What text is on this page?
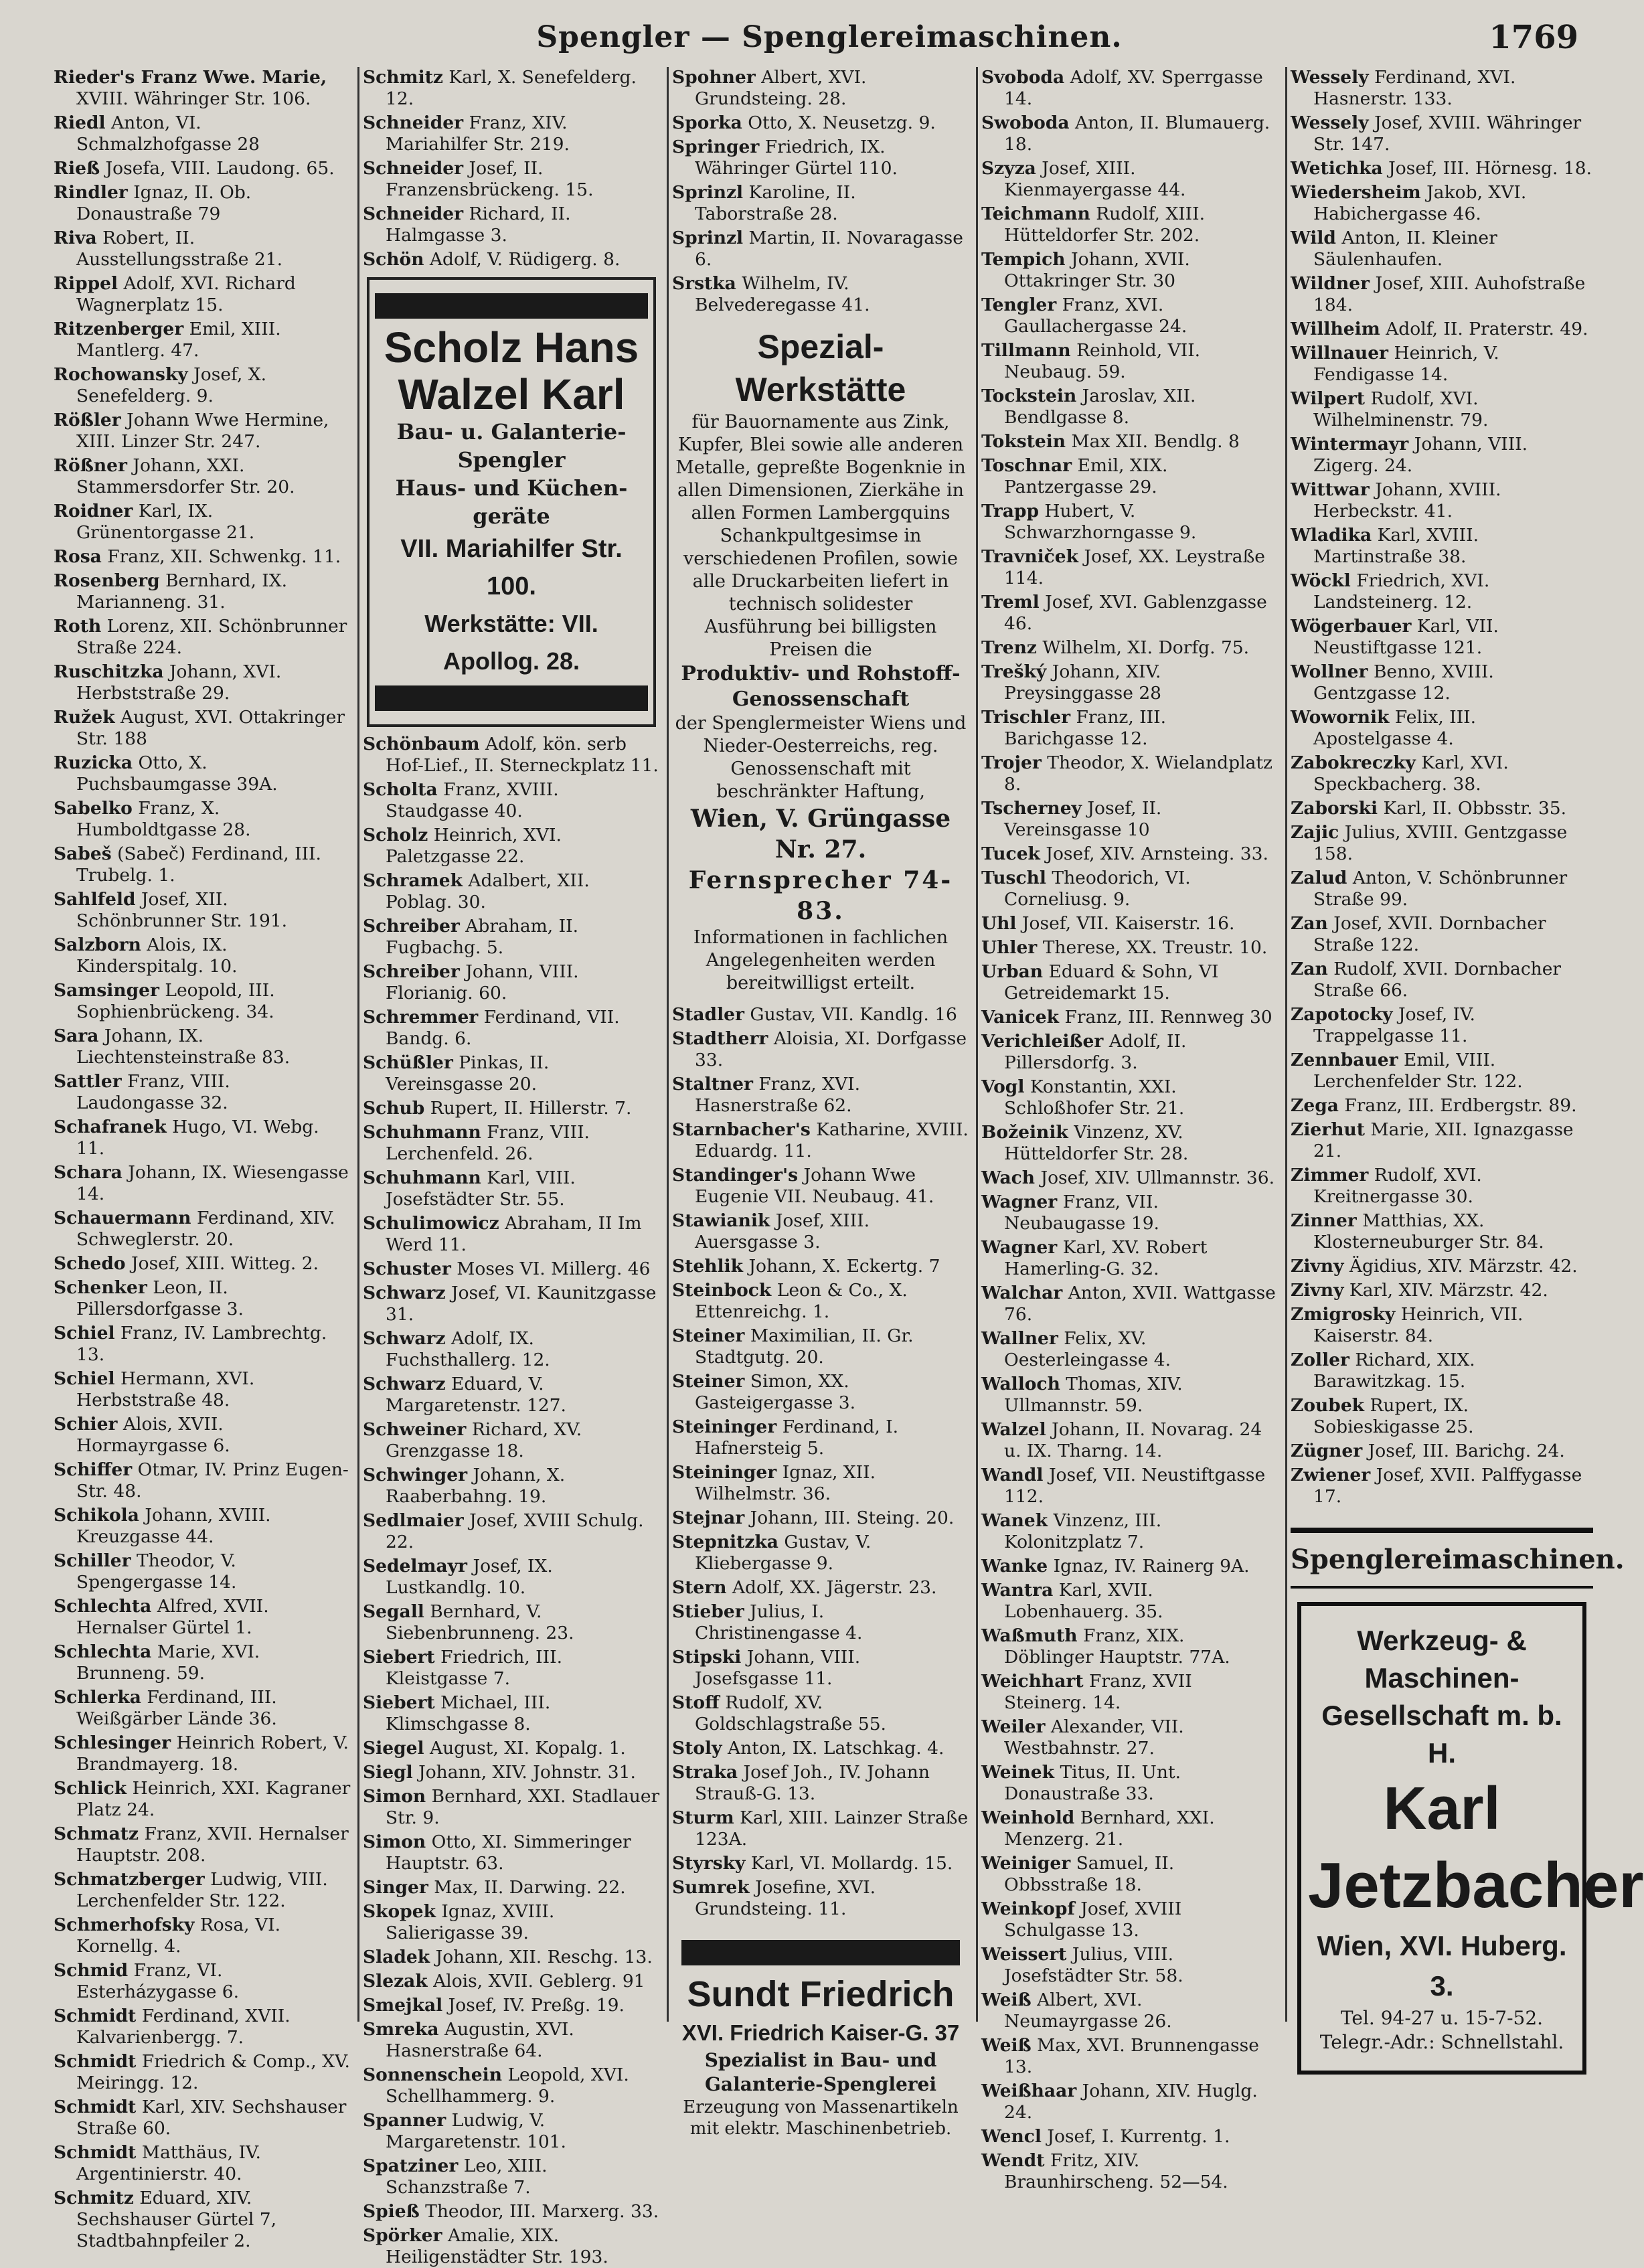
Spengler — Spenglereimaschinen.	1769
Rieder's Franz Wwe. Marie, XVIII. Währinger Str. 106.
Riedl Anton, VI. Schmalzhofgasse 28
Rieß Josefa, VIII. Laudong. 65.
Rindler Ignaz, II. Ob. Donaustraße 79
Riva Robert, II. Ausstellungsstraße 21.
Rippel Adolf, XVI. Richard Wagnerplatz 15.
Ritzenberger Emil, XIII. Mantlerg. 47.
Rochowansky Josef, X. Senefelderg. 9.
Rößler Johann Wwe Hermine, XIII. Linzer Str. 247.
Rößner Johann, XXI. Stammersdorfer Str. 20.
Roidner Karl, IX. Grünentorgasse 21.
Rosa Franz, XII. Schwenkg. 11.
Rosenberg Bernhard, IX. Marianneng. 31.
Roth Lorenz, XII. Schönbrunner Straße 224.
Ruschitzka Johann, XVI. Herbststraße 29.
Ružek August, XVI. Ottakringer Str. 188
Ruzicka Otto, X. Puchsbaumgasse 39A.
Sabelko Franz, X. Humboldtgasse 28.
Sabeš (Sabeč) Ferdinand, III. Trubelg. 1.
Sahlfeld Josef, XII. Schönbrunner Str. 191.
Salzborn Alois, IX. Kinderspitalg. 10.
Samsinger Leopold, III. Sophienbrückeng. 34.
Sara Johann, IX. Liechtensteinstraße 83.
Sattler Franz, VIII. Laudongasse 32.
Schafranek Hugo, VI. Webg. 11.
Schara Johann, IX. Wiesengasse 14.
Schauermann Ferdinand, XIV. Schweglerstr. 20.
Schedo Josef, XIII. Witteg. 2.
Schenker Leon, II. Pillersdorfgasse 3.
Schiel Franz, IV. Lambrechtg. 13.
Schiel Hermann, XVI. Herbststraße 48.
Schier Alois, XVII. Hormayrgasse 6.
Schiffer Otmar, IV. Prinz Eugen-Str. 48.
Schikola Johann, XVIII. Kreuzgasse 44.
Schiller Theodor, V. Spengergasse 14.
Schlechta Alfred, XVII. Hernalser Gürtel 1.
Schlechta Marie, XVI. Brunneng. 59.
Schlerka Ferdinand, III. Weißgärber Lände 36.
Schlesinger Heinrich Robert, V. Brandmayerg. 18.
Schlick Heinrich, XXI. Kagraner Platz 24.
Schmatz Franz, XVII. Hernalser Hauptstr. 208.
Schmatzberger Ludwig, VIII. Lerchenfelder Str. 122.
Schmerhofsky Rosa, VI. Kornellg. 4.
Schmid Franz, VI. Esterházygasse 6.
Schmidt Ferdinand, XVII. Kalvarienbergg. 7.
Schmidt Friedrich & Comp., XV. Meiringg. 12.
Schmidt Karl, XIV. Sechshauser Straße 60.
Schmidt Matthäus, IV. Argentinierstr. 40.
Schmitz Eduard, XIV. Sechshauser Gürtel 7, Stadtbahnpfeiler 2.
Schmitz Karl, X. Senefelderg. 12.
Schneider Franz, XIV. Mariahilfer Str. 219.
Schneider Josef, II. Franzensbrückeng. 15.
Schneider Richard, II. Halmgasse 3.
Schön Adolf, V. Rüdigerg. 8.
Scholz Hans
Walzel Karl
Bau- u. Galanterie-
Spengler
Haus- und Küchen-
geräte
VII. Mariahilfer Str. 100.
Werkstätte: VII. Apollog. 28.
Schönbaum Adolf, kön. serb Hof-Lief., II. Sterneckplatz 11.
Scholta Franz, XVIII. Staudgasse 40.
Scholz Heinrich, XVI. Paletzgasse 22.
Schramek Adalbert, XII. Poblag. 30.
Schreiber Abraham, II. Fugbachg. 5.
Schreiber Johann, VIII. Florianig. 60.
Schremmer Ferdinand, VII. Bandg. 6.
Schüßler Pinkas, II. Vereinsgasse 20.
Schub Rupert, II. Hillerstr. 7.
Schuhmann Franz, VIII. Lerchenfeld. 26.
Schuhmann Karl, VIII. Josefstädter Str. 55.
Schulimowicz Abraham, II Im Werd 11.
Schuster Moses VI. Millerg. 46
Schwarz Josef, VI. Kaunitzgasse 31.
Schwarz Adolf, IX. Fuchsthallerg. 12.
Schwarz Eduard, V. Margaretenstr. 127.
Schweiner Richard, XV. Grenzgasse 18.
Schwinger Johann, X. Raaberbahng. 19.
Sedlmaier Josef, XVIII Schulg. 22.
Sedelmayr Josef, IX. Lustkandlg. 10.
Segall Bernhard, V. Siebenbrunneng. 23.
Siebert Friedrich, III. Kleistgasse 7.
Siebert Michael, III. Klimschgasse 8.
Siegel August, XI. Kopalg. 1.
Siegl Johann, XIV. Johnstr. 31.
Simon Bernhard, XXI. Stadlauer Str. 9.
Simon Otto, XI. Simmeringer Hauptstr. 63.
Singer Max, II. Darwing. 22.
Skopek Ignaz, XVIII. Salierigasse 39.
Sladek Johann, XII. Reschg. 13.
Slezak Alois, XVII. Geblerg. 91
Smejkal Josef, IV. Preßg. 19.
Smreka Augustin, XVI. Hasnerstraße 64.
Sonnenschein Leopold, XVI. Schellhammerg. 9.
Spanner Ludwig, V. Margaretenstr. 101.
Spatziner Leo, XIII. Schanzstraße 7.
Spieß Theodor, III. Marxerg. 33.
Spörker Amalie, XIX. Heiligenstädter Str. 193.
Spohner Albert, XVI. Grundsteing. 28.
Sporka Otto, X. Neusetzg. 9.
Springer Friedrich, IX. Währinger Gürtel 110.
Sprinzl Karoline, II. Taborstraße 28.
Sprinzl Martin, II. Novaragasse 6.
Srstka Wilhelm, IV. Belvederegasse 41.
Spezial-Werkstätte
für Bauornamente aus Zink, Kupfer, Blei sowie alle anderen Metalle, gepreßte Bogenknie in allen Dimensionen, Zierkähe in allen Formen Lambergquins Schankpultgesimse in verschiedenen Profilen, sowie alle Druckarbeiten liefert in technisch solidester Ausführung bei billigsten Preisen die
Produktiv- und Rohstoff-Genossenschaft
der Spenglermeister Wiens und Nieder-Oesterreichs, reg. Genossenschaft mit beschränkter Haftung,
Wien, V. Grüngasse Nr. 27.
Fernsprecher 74-83.
Informationen in fachlichen Angelegenheiten werden bereitwilligst erteilt.
Stadler Gustav, VII. Kandlg. 16
Stadtherr Aloisia, XI. Dorfgasse 33.
Staltner Franz, XVI. Hasnerstraße 62.
Starnbacher's Katharine, XVIII. Eduardg. 11.
Standinger's Johann Wwe Eugenie VII. Neubaug. 41.
Stawianik Josef, XIII. Auersgasse 3.
Stehlik Johann, X. Eckertg. 7
Steinbock Leon & Co., X. Ettenreichg. 1.
Steiner Maximilian, II. Gr. Stadtgutg. 20.
Steiner Simon, XX. Gasteigergasse 3.
Steininger Ferdinand, I. Hafnersteig 5.
Steininger Ignaz, XII. Wilhelmstr. 36.
Stejnar Johann, III. Steing. 20.
Stepnitzka Gustav, V. Kliebergasse 9.
Stern Adolf, XX. Jägerstr. 23.
Stieber Julius, I. Christinengasse 4.
Stipski Johann, VIII. Josefsgasse 11.
Stoff Rudolf, XV. Goldschlagstraße 55.
Stoly Anton, IX. Latschkag. 4.
Straka Josef Joh., IV. Johann Strauß-G. 13.
Sturm Karl, XIII. Lainzer Straße 123A.
Styrsky Karl, VI. Mollardg. 15.
Sumrek Josefine, XVI. Grundsteing. 11.
Sundt Friedrich
XVI. Friedrich Kaiser-G. 37
Spezialist in Bau- und Galanterie-Spenglerei
Erzeugung von Massenartikeln mit elektr. Maschinenbetrieb.
Svoboda Adolf, XV. Sperrgasse 14.
Swoboda Anton, II. Blumauerg. 18.
Szyza Josef, XIII. Kienmayergasse 44.
Teichmann Rudolf, XIII. Hütteldorfer Str. 202.
Tempich Johann, XVII. Ottakringer Str. 30
Tengler Franz, XVI. Gaullachergasse 24.
Tillmann Reinhold, VII. Neubaug. 59.
Tockstein Jaroslav, XII. Bendlgasse 8.
Tokstein Max XII. Bendlg. 8
Toschnar Emil, XIX. Pantzergasse 29.
Trapp Hubert, V. Schwarzhorngasse 9.
Travniček Josef, XX. Leystraße 114.
Treml Josef, XVI. Gablenzgasse 46.
Trenz Wilhelm, XI. Dorfg. 75.
Trešký Johann, XIV. Preysinggasse 28
Trischler Franz, III. Barichgasse 12.
Trojer Theodor, X. Wielandplatz 8.
Tscherney Josef, II. Vereinsgasse 10
Tucek Josef, XIV. Arnsteing. 33.
Tuschl Theodorich, VI. Corneliusg. 9.
Uhl Josef, VII. Kaiserstr. 16.
Uhler Therese, XX. Treustr. 10.
Urban Eduard & Sohn, VI Getreidemarkt 15.
Vanicek Franz, III. Rennweg 30
Verichleißer Adolf, II. Pillersdorfg. 3.
Vogl Konstantin, XXI. Schloßhofer Str. 21.
Božeinik Vinzenz, XV. Hütteldorfer Str. 28.
Wach Josef, XIV. Ullmannstr. 36.
Wagner Franz, VII. Neubaugasse 19.
Wagner Karl, XV. Robert Hamerling-G. 32.
Walchar Anton, XVII. Wattgasse 76.
Wallner Felix, XV. Oesterleingasse 4.
Walloch Thomas, XIV. Ullmannstr. 59.
Walzel Johann, II. Novarag. 24 u. IX. Tharng. 14.
Wandl Josef, VII. Neustiftgasse 112.
Wanek Vinzenz, III. Kolonitzplatz 7.
Wanke Ignaz, IV. Rainerg 9A.
Wantra Karl, XVII. Lobenhauerg. 35.
Waßmuth Franz, XIX. Döblinger Hauptstr. 77A.
Weichhart Franz, XVII Steinerg. 14.
Weiler Alexander, VII. Westbahnstr. 27.
Weinek Titus, II. Unt. Donaustraße 33.
Weinhold Bernhard, XXI. Menzerg. 21.
Weiniger Samuel, II. Obbsstraße 18.
Weinkopf Josef, XVIII Schulgasse 13.
Weissert Julius, VIII. Josefstädter Str. 58.
Weiß Albert, XVI. Neumayrgasse 26.
Weiß Max, XVI. Brunnengasse 13.
Weißhaar Johann, XIV. Huglg. 24.
Wencl Josef, I. Kurrentg. 1.
Wendt Fritz, XIV. Braunhirscheng. 52—54.
Wessely Ferdinand, XVI. Hasnerstr. 133.
Wessely Josef, XVIII. Währinger Str. 147.
Wetichka Josef, III. Hörnesg. 18.
Wiedersheim Jakob, XVI. Habichergasse 46.
Wild Anton, II. Kleiner Säulenhaufen.
Wildner Josef, XIII. Auhofstraße 184.
Willheim Adolf, II. Praterstr. 49.
Willnauer Heinrich, V. Fendigasse 14.
Wilpert Rudolf, XVI. Wilhelminenstr. 79.
Wintermayr Johann, VIII. Zigerg. 24.
Wittwar Johann, XVIII. Herbeckstr. 41.
Wladika Karl, XVIII. Martinstraße 38.
Wöckl Friedrich, XVI. Landsteinerg. 12.
Wögerbauer Karl, VII. Neustiftgasse 121.
Wollner Benno, XVIII. Gentzgasse 12.
Wowornik Felix, III. Apostelgasse 4.
Zabokreczky Karl, XVI. Speckbacherg. 38.
Zaborski Karl, II. Obbsstr. 35.
Zajic Julius, XVIII. Gentzgasse 158.
Zalud Anton, V. Schönbrunner Straße 99.
Zan Josef, XVII. Dornbacher Straße 122.
Zan Rudolf, XVII. Dornbacher Straße 66.
Zapotocky Josef, IV. Trappelgasse 11.
Zennbauer Emil, VIII. Lerchenfelder Str. 122.
Zega Franz, III. Erdbergstr. 89.
Zierhut Marie, XII. Ignazgasse 21.
Zimmer Rudolf, XVI. Kreitnergasse 30.
Zinner Matthias, XX. Klosterneuburger Str. 84.
Zivny Ägidius, XIV. Märzstr. 42.
Zivny Karl, XIV. Märzstr. 42.
Zmigrosky Heinrich, VII. Kaiserstr. 84.
Zoller Richard, XIX. Barawitzkag. 15.
Zoubek Rupert, IX. Sobieskigasse 25.
Zügner Josef, III. Barichg. 24.
Zwiener Josef, XVII. Palffygasse 17.
Spenglereimaschinen.
Werkzeug- & Maschinen-Gesellschaft m. b. H.
Karl
Jetzbacher
Wien, XVI. Huberg. 3.
Tel. 94-27 u. 15-7-52.
Telegr.-Adr.: Schnellstahl.
